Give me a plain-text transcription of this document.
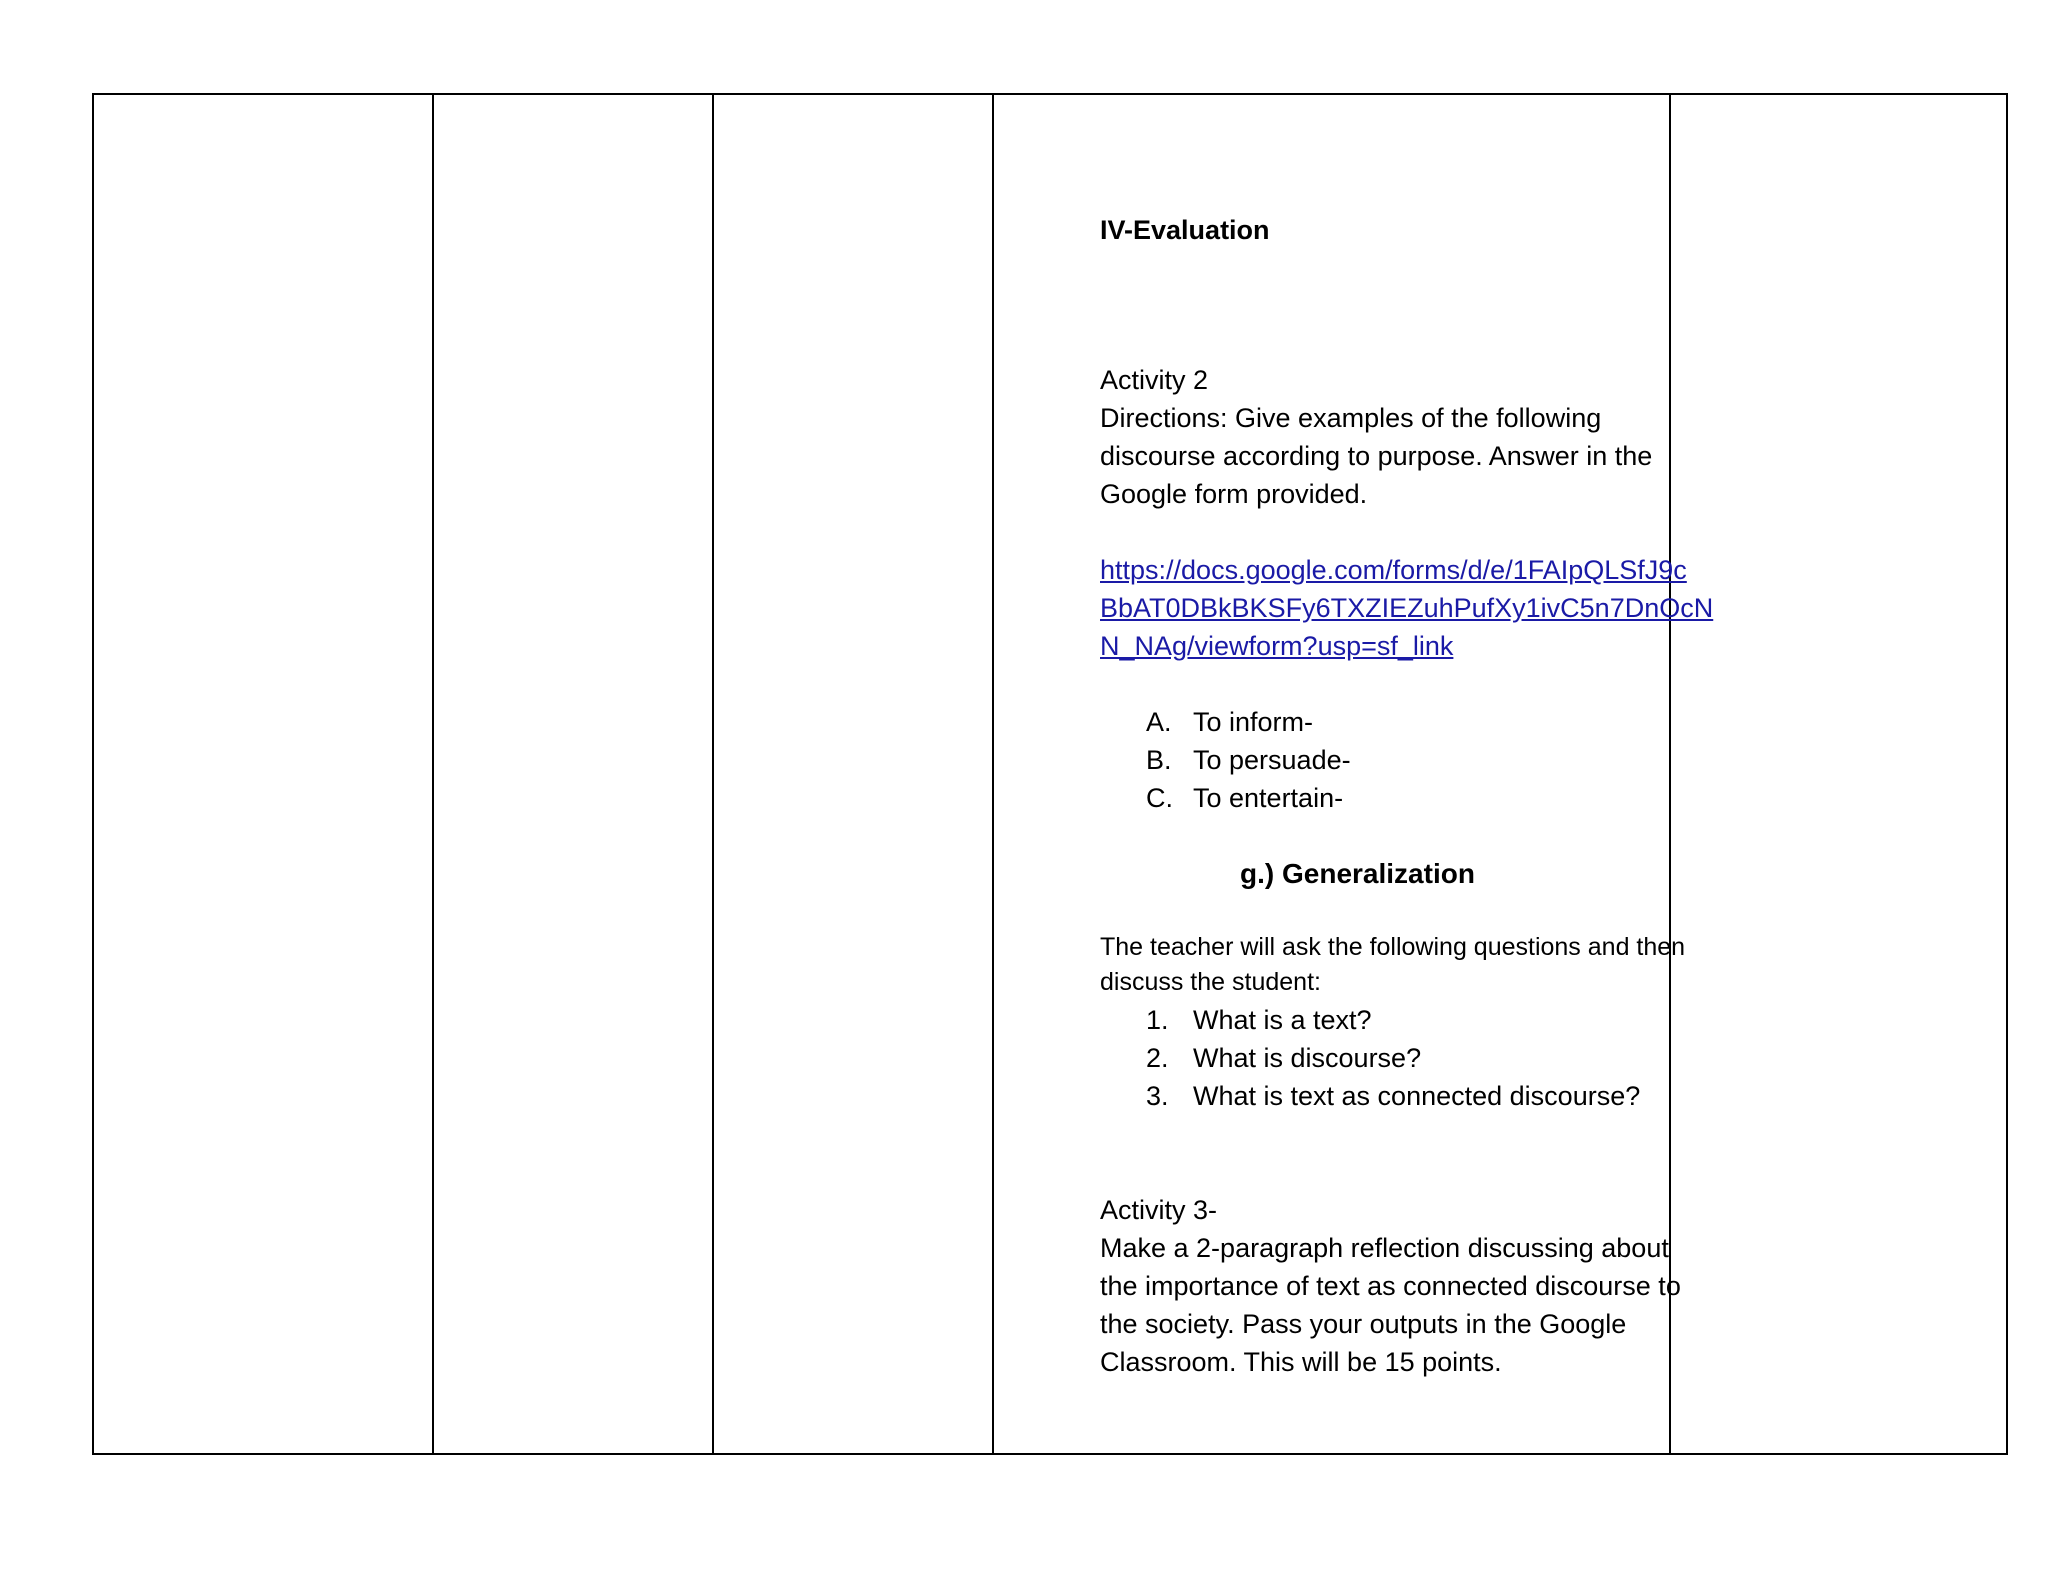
IV-Evaluation

Activity 2

Directions: Give examples of the following

discourse according to purpose. Answer in the

Google form provided.

https://docs.google.com/forms/d/e/1FAIpQLSfJ9c
BbAT0DBkBKSFy6TXZIEZuhPufXy1ivC5n7DnOcN
N_NAg/viewform?usp=sf_link
A. To inform-
B. To persuade-
C. To entertain-

g.) Generalization

The teacher will ask the following questions and then

discuss the student:

1. What is a text?
2. What is discourse?
3. What is text as connected discourse?

Activity 3-

Make a 2-paragraph reflection discussing about

the importance of text as connected discourse to

the society. Pass your outputs in the Google

Classroom. This will be 15 points.
